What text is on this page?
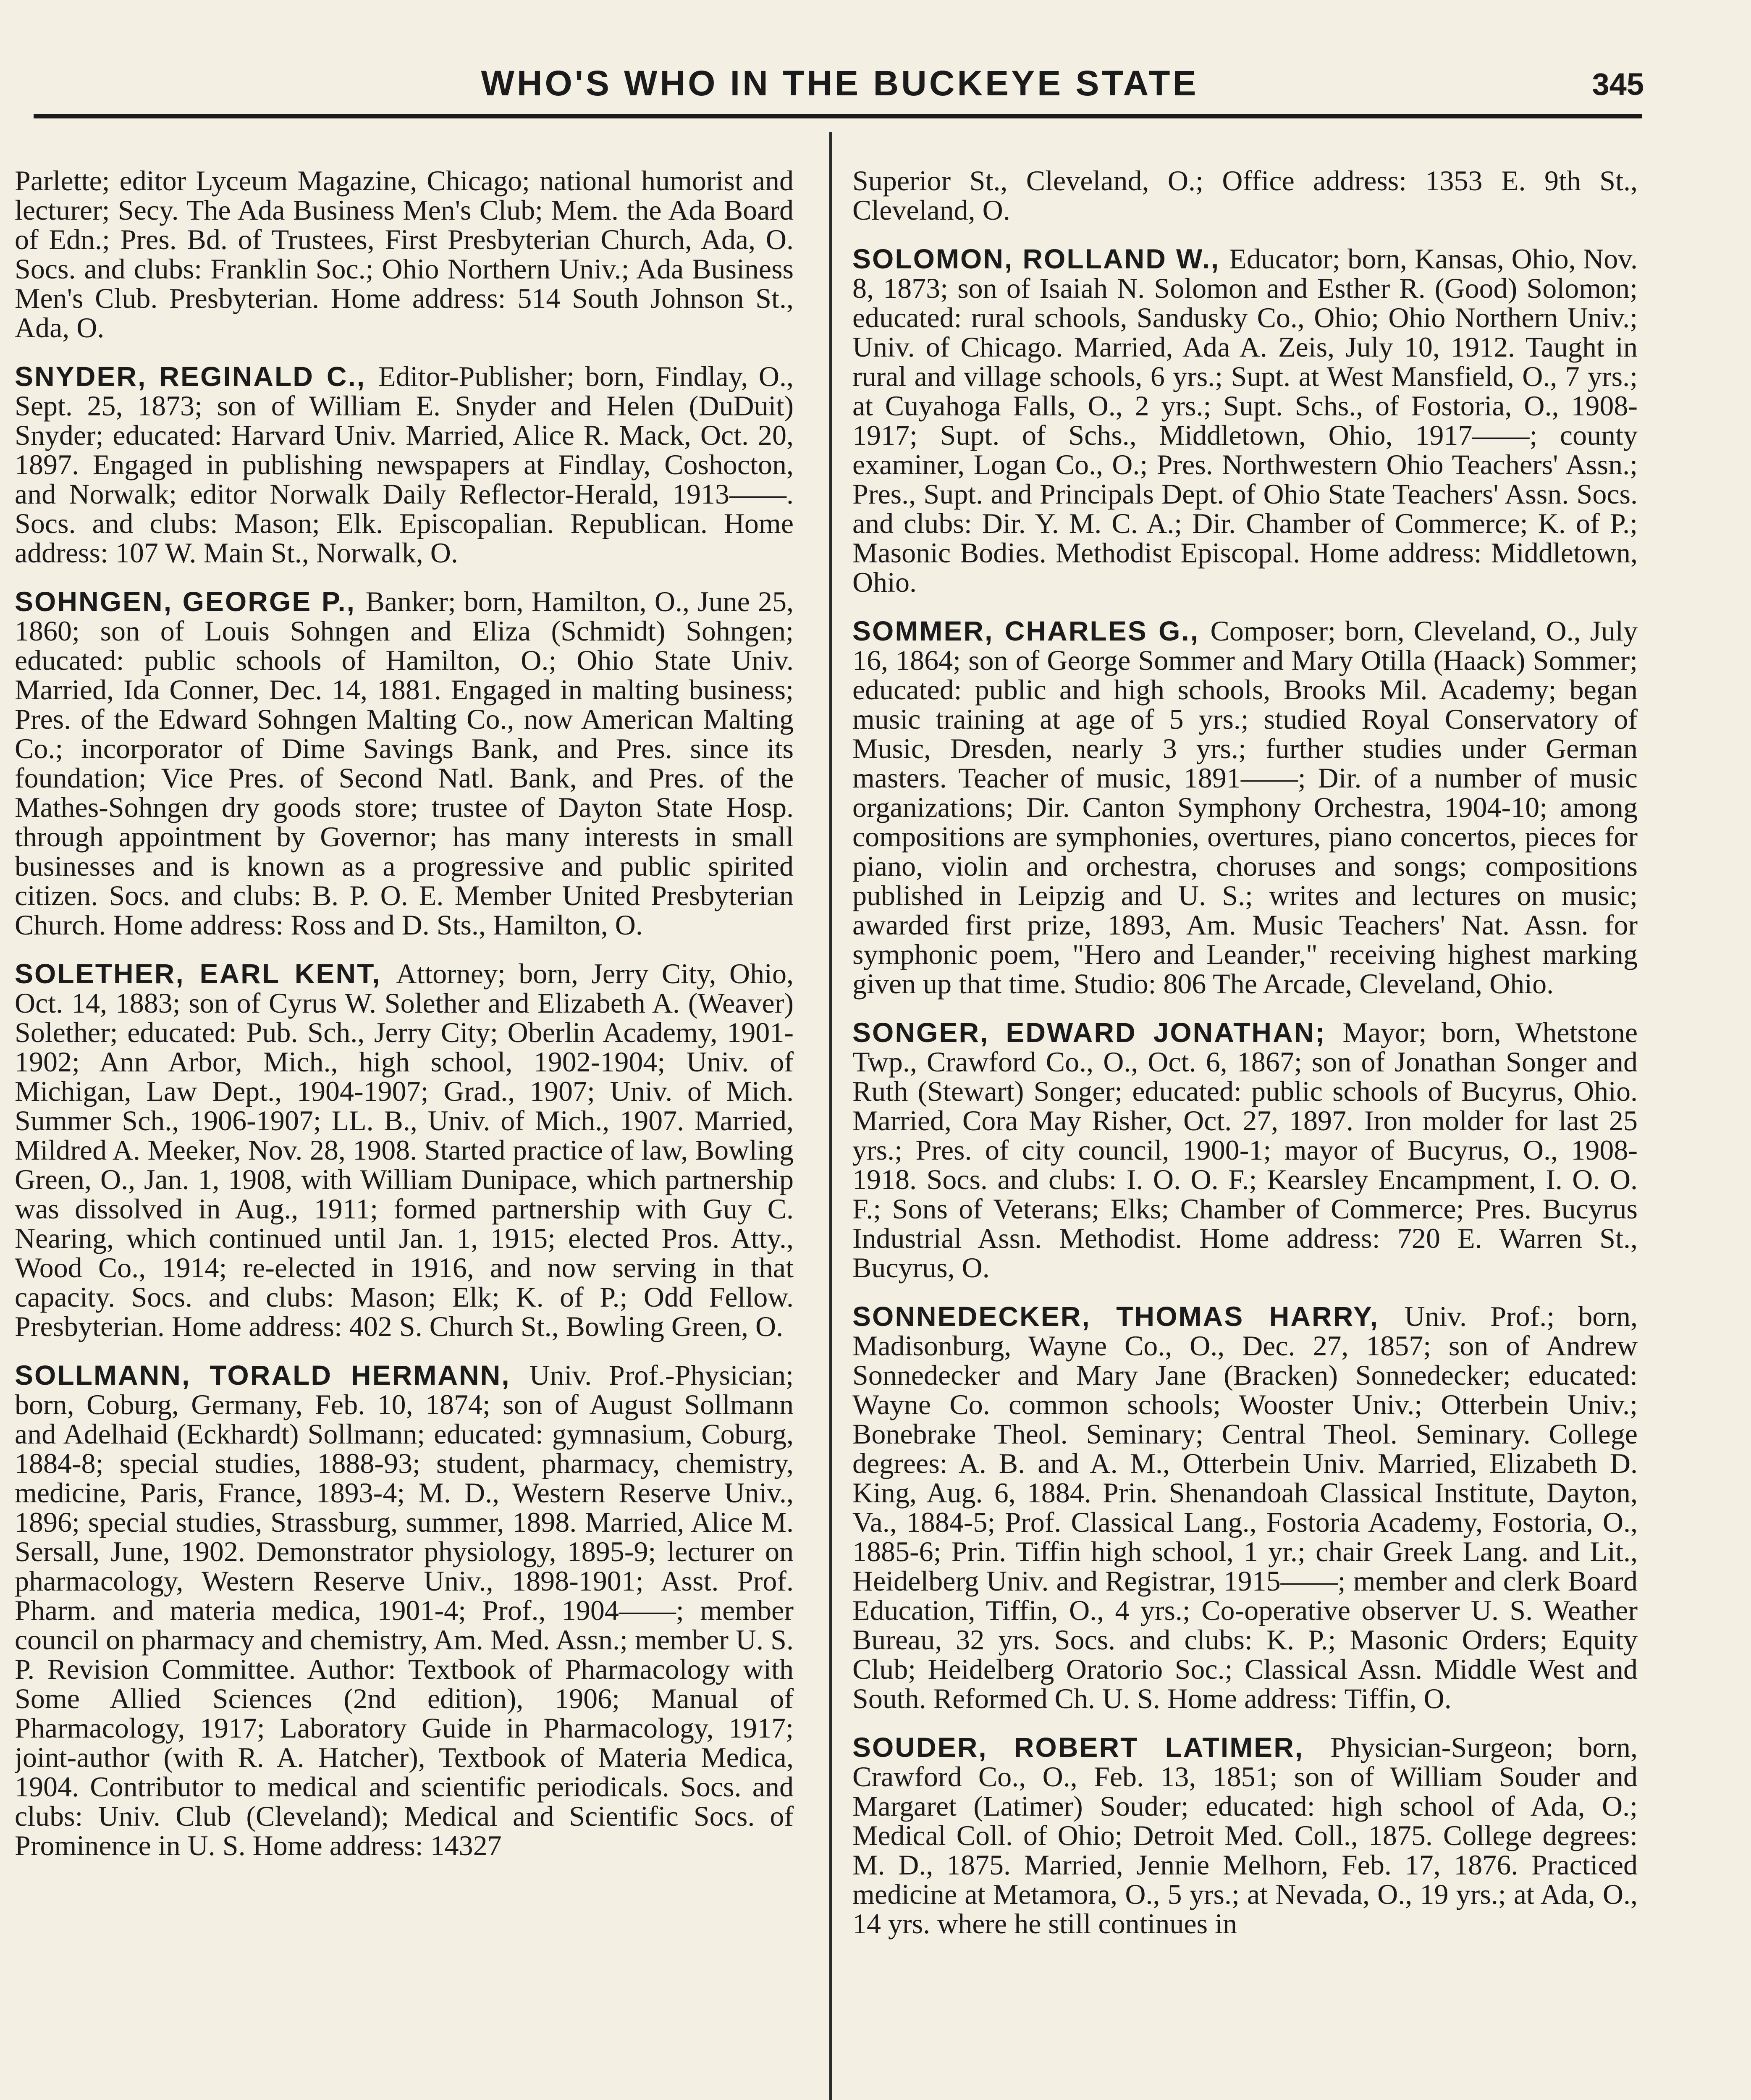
WHO'S WHO IN THE BUCKEYE STATE	345
Parlette; editor Lyceum Magazine, Chicago; national humorist and lecturer; Secy. The Ada Business Men's Club; Mem. the Ada Board of Edn.; Pres. Bd. of Trustees, First Presbyterian Church, Ada, O. Socs. and clubs: Franklin Soc.; Ohio Northern Univ.; Ada Business Men's Club. Presbyterian. Home address: 514 South Johnson St., Ada, O.
SNYDER, REGINALD C., Editor-Publisher; born, Findlay, O., Sept. 25, 1873; son of William E. Snyder and Helen (DuDuit) Snyder; educated: Harvard Univ. Married, Alice R. Mack, Oct. 20, 1897. Engaged in publishing newspapers at Findlay, Coshocton, and Norwalk; editor Norwalk Daily Reflector-Herald, 1913——. Socs. and clubs: Mason; Elk. Episcopalian. Republican. Home address: 107 W. Main St., Norwalk, O.
SOHNGEN, GEORGE P., Banker; born, Hamilton, O., June 25, 1860; son of Louis Sohngen and Eliza (Schmidt) Sohngen; educated: public schools of Hamilton, O.; Ohio State Univ. Married, Ida Conner, Dec. 14, 1881. Engaged in malting business; Pres. of the Edward Sohngen Malting Co., now American Malting Co.; incorporator of Dime Savings Bank, and Pres. since its foundation; Vice Pres. of Second Natl. Bank, and Pres. of the Mathes-Sohngen dry goods store; trustee of Dayton State Hosp. through appointment by Governor; has many interests in small businesses and is known as a progressive and public spirited citizen. Socs. and clubs: B. P. O. E. Member United Presbyterian Church. Home address: Ross and D. Sts., Hamilton, O.
SOLETHER, EARL KENT, Attorney; born, Jerry City, Ohio, Oct. 14, 1883; son of Cyrus W. Solether and Elizabeth A. (Weaver) Solether; educated: Pub. Sch., Jerry City; Oberlin Academy, 1901-1902; Ann Arbor, Mich., high school, 1902-1904; Univ. of Michigan, Law Dept., 1904-1907; Grad., 1907; Univ. of Mich. Summer Sch., 1906-1907; LL. B., Univ. of Mich., 1907. Married, Mildred A. Meeker, Nov. 28, 1908. Started practice of law, Bowling Green, O., Jan. 1, 1908, with William Dunipace, which partnership was dissolved in Aug., 1911; formed partnership with Guy C. Nearing, which continued until Jan. 1, 1915; elected Pros. Atty., Wood Co., 1914; re-elected in 1916, and now serving in that capacity. Socs. and clubs: Mason; Elk; K. of P.; Odd Fellow. Presbyterian. Home address: 402 S. Church St., Bowling Green, O.
SOLLMANN, TORALD HERMANN, Univ. Prof.-Physician; born, Coburg, Germany, Feb. 10, 1874; son of August Sollmann and Adelhaid (Eckhardt) Sollmann; educated: gymnasium, Coburg, 1884-8; special studies, 1888-93; student, pharmacy, chemistry, medicine, Paris, France, 1893-4; M. D., Western Reserve Univ., 1896; special studies, Strassburg, summer, 1898. Married, Alice M. Sersall, June, 1902. Demonstrator physiology, 1895-9; lecturer on pharmacology, Western Reserve Univ., 1898-1901; Asst. Prof. Pharm. and materia medica, 1901-4; Prof., 1904——; member council on pharmacy and chemistry, Am. Med. Assn.; member U. S. P. Revision Committee. Author: Textbook of Pharmacology with Some Allied Sciences (2nd edition), 1906; Manual of Pharmacology, 1917; Laboratory Guide in Pharmacology, 1917; joint-author (with R. A. Hatcher), Textbook of Materia Medica, 1904. Contributor to medical and scientific periodicals. Socs. and clubs: Univ. Club (Cleveland); Medical and Scientific Socs. of Prominence in U. S. Home address: 14327
Superior St., Cleveland, O.; Office address: 1353 E. 9th St., Cleveland, O.
SOLOMON, ROLLAND W., Educator; born, Kansas, Ohio, Nov. 8, 1873; son of Isaiah N. Solomon and Esther R. (Good) Solomon; educated: rural schools, Sandusky Co., Ohio; Ohio Northern Univ.; Univ. of Chicago. Married, Ada A. Zeis, July 10, 1912. Taught in rural and village schools, 6 yrs.; Supt. at West Mansfield, O., 7 yrs.; at Cuyahoga Falls, O., 2 yrs.; Supt. Schs., of Fostoria, O., 1908-1917; Supt. of Schs., Middletown, Ohio, 1917——; county examiner, Logan Co., O.; Pres. Northwestern Ohio Teachers' Assn.; Pres., Supt. and Principals Dept. of Ohio State Teachers' Assn. Socs. and clubs: Dir. Y. M. C. A.; Dir. Chamber of Commerce; K. of P.; Masonic Bodies. Methodist Episcopal. Home address: Middletown, Ohio.
SOMMER, CHARLES G., Composer; born, Cleveland, O., July 16, 1864; son of George Sommer and Mary Otilla (Haack) Sommer; educated: public and high schools, Brooks Mil. Academy; began music training at age of 5 yrs.; studied Royal Conservatory of Music, Dresden, nearly 3 yrs.; further studies under German masters. Teacher of music, 1891——; Dir. of a number of music organizations; Dir. Canton Symphony Orchestra, 1904-10; among compositions are symphonies, overtures, piano concertos, pieces for piano, violin and orchestra, choruses and songs; compositions published in Leipzig and U. S.; writes and lectures on music; awarded first prize, 1893, Am. Music Teachers' Nat. Assn. for symphonic poem, "Hero and Leander," receiving highest marking given up that time. Studio: 806 The Arcade, Cleveland, Ohio.
SONGER, EDWARD JONATHAN; Mayor; born, Whetstone Twp., Crawford Co., O., Oct. 6, 1867; son of Jonathan Songer and Ruth (Stewart) Songer; educated: public schools of Bucyrus, Ohio. Married, Cora May Risher, Oct. 27, 1897. Iron molder for last 25 yrs.; Pres. of city council, 1900-1; mayor of Bucyrus, O., 1908-1918. Socs. and clubs: I. O. O. F.; Kearsley Encampment, I. O. O. F.; Sons of Veterans; Elks; Chamber of Commerce; Pres. Bucyrus Industrial Assn. Methodist. Home address: 720 E. Warren St., Bucyrus, O.
SONNEDECKER, THOMAS HARRY, Univ. Prof.; born, Madisonburg, Wayne Co., O., Dec. 27, 1857; son of Andrew Sonnedecker and Mary Jane (Bracken) Sonnedecker; educated: Wayne Co. common schools; Wooster Univ.; Otterbein Univ.; Bonebrake Theol. Seminary; Central Theol. Seminary. College degrees: A. B. and A. M., Otterbein Univ. Married, Elizabeth D. King, Aug. 6, 1884. Prin. Shenandoah Classical Institute, Dayton, Va., 1884-5; Prof. Classical Lang., Fostoria Academy, Fostoria, O., 1885-6; Prin. Tiffin high school, 1 yr.; chair Greek Lang. and Lit., Heidelberg Univ. and Registrar, 1915——; member and clerk Board Education, Tiffin, O., 4 yrs.; Co-operative observer U. S. Weather Bureau, 32 yrs. Socs. and clubs: K. P.; Masonic Orders; Equity Club; Heidelberg Oratorio Soc.; Classical Assn. Middle West and South. Reformed Ch. U. S. Home address: Tiffin, O.
SOUDER, ROBERT LATIMER, Physician-Surgeon; born, Crawford Co., O., Feb. 13, 1851; son of William Souder and Margaret (Latimer) Souder; educated: high school of Ada, O.; Medical Coll. of Ohio; Detroit Med. Coll., 1875. College degrees: M. D., 1875. Married, Jennie Melhorn, Feb. 17, 1876. Practiced medicine at Metamora, O., 5 yrs.; at Nevada, O., 19 yrs.; at Ada, O., 14 yrs. where he still continues in
